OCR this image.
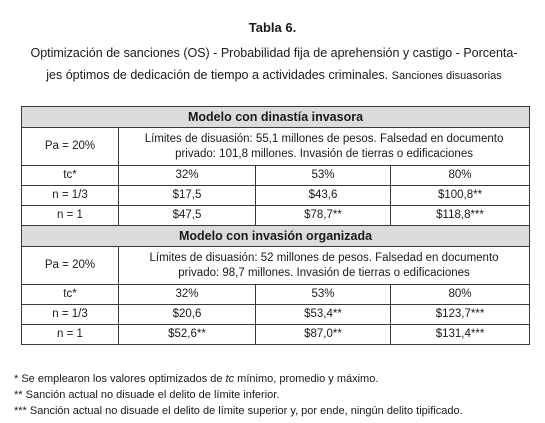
Tabla 6.

Optimización de sanciones (OS) - Probabilidad fija de aprehensión y castigo - Porcenta-
jes óptimos de dedicación de tiempo a actividades criminales. Sanciones disuasorias

Modelo con dinastía invasora			
Pa = 20%	Límites de disuasión: 55,1 millones de pesos. Falsedad en documento
privado: 101,8 millones. Invasión de tierras o edificaciones		
tc*	32%	53%	80%
n = 1/3	$17,5	$43,6	$100,8**
n = 1	$47,5	$78,7**	$118,8***
Modelo con invasión organizada			
Pa = 20%	Límites de disuasión: 52 millones de pesos. Falsedad en documento
privado: 98,7 millones. Invasión de tierras o edificaciones		
tc*	32%	53%	80%
n = 1/3	$20,6	$53,4**	$123,7***
n = 1	$52,6**	$87,0**	$131,4***

* Se emplearon los valores optimizados de tc mínimo, promedio y máximo.

** Sanción actual no disuade el delito de límite inferior.

*** Sanción actual no disuade el delito de límite superior y, por ende, ningún delito tipificado.
